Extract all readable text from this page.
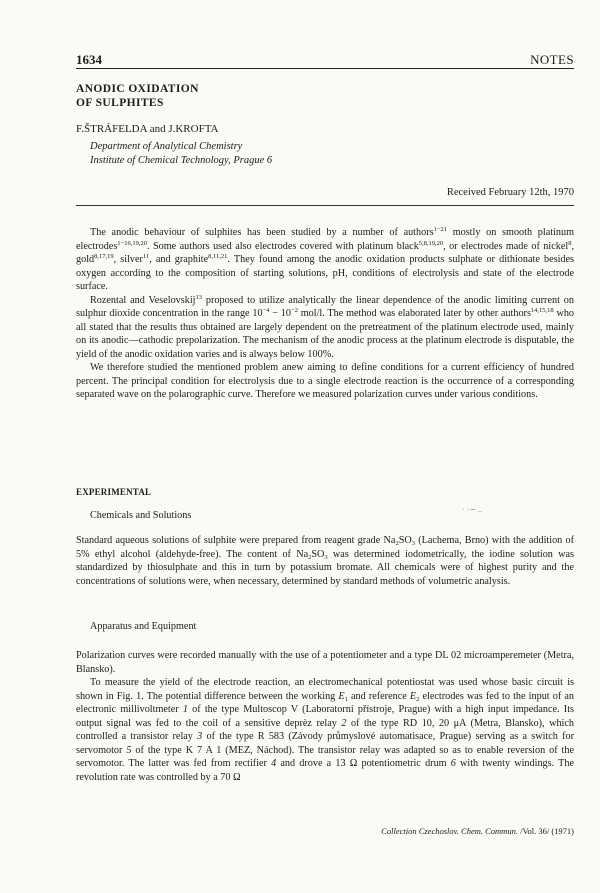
1634	NOTES
ANODIC OXIDATION
OF SULPHITES
F.ŠTRÁFELDA and J.KROFTA
Department of Analytical Chemistry
Institute of Chemical Technology, Prague 6
Received February 12th, 1970

The anodic behaviour of sulphites has been studied by a number of authors$^{1-21}$ mostly on smooth platinum electrodes$^{1-16,19,20}$. Some authors used also electrodes covered with platinum black$^{5,8,19,20}$, or electrodes made of nickel$^8$, gold$^{8,17,19}$, silver$^{11}$, and graphite$^{8,11,21}$. They found among the anodic oxidation products sulphate or dithionate besides oxygen according to the composition of starting solutions, pH, conditions of electrolysis and state of the electrode surface.

Rozental and Veselovskij$^{13}$ proposed to utilize analytically the linear dependence of the anodic limiting current on sulphur dioxide concentration in the range $10^{-4} - 10^{-2}$ mol/l. The method was elaborated later by other authors$^{14,15,18}$ who all stated that the results thus obtained are largely dependent on the pretreatment of the platinum electrode used, mainly on its anodic—cathodic prepolarization. The mechanism of the anodic process at the platinum electrode is disputable, the yield of the anodic oxidation varies and is always below 100%.

We therefore studied the mentioned problem anew aiming to define conditions for a current efficiency of hundred percent. The principal condition for electrolysis due to a single electrode reaction is the occurrence of a corresponding separated wave on the polarographic curve. Therefore we measured polarization curves under various conditions.

EXPERIMENTAL
· ·∽ ..
Chemicals and Solutions

Standard aqueous solutions of sulphite were prepared from reagent grade $Na_2SO_3$ (Lachema, Brno) with the addition of 5% ethyl alcohol (aldehyde-free). The content of $Na_2SO_3$ was determined iodometrically, the iodine solution was standardized by thiosulphate and this in turn by potassium bromate. All chemicals were of highest purity and the concentrations of solutions were, when necessary, determined by standard methods of volumetric analysis.

Apparatus and Equipment

Polarization curves were recorded manually with the use of a potentiometer and a type DL 02 microamperemeter (Metra, Blansko).

To measure the yield of the electrode reaction, an electromechanical potentiostat was used whose basic circuit is shown in Fig. 1. The potential difference between the working $E_1$ and reference $E_2$ electrodes was fed to the input of an electronic millivoltmeter 1 of the type Multoscop V (Laboratorní přístroje, Prague) with a high input impedance. Its output signal was fed to the coil of a sensitive deprèz relay 2 of the type RD 10, 20 μA (Metra, Blansko), which controlled a transistor relay 3 of the type R 583 (Závody průmyslové automatisace, Prague) serving as a switch for servomotor 5 of the type K 7 A 1 (MEZ, Náchod). The transistor relay was adapted so as to enable reversion of the servomotor. The latter was fed from rectifier 4 and drove a 13 Ω potentiometric drum 6 with twenty windings. The revolution rate was controlled by a 70 Ω

Collection Czechoslov. Chem. Commun. /Vol. 36/ (1971)
